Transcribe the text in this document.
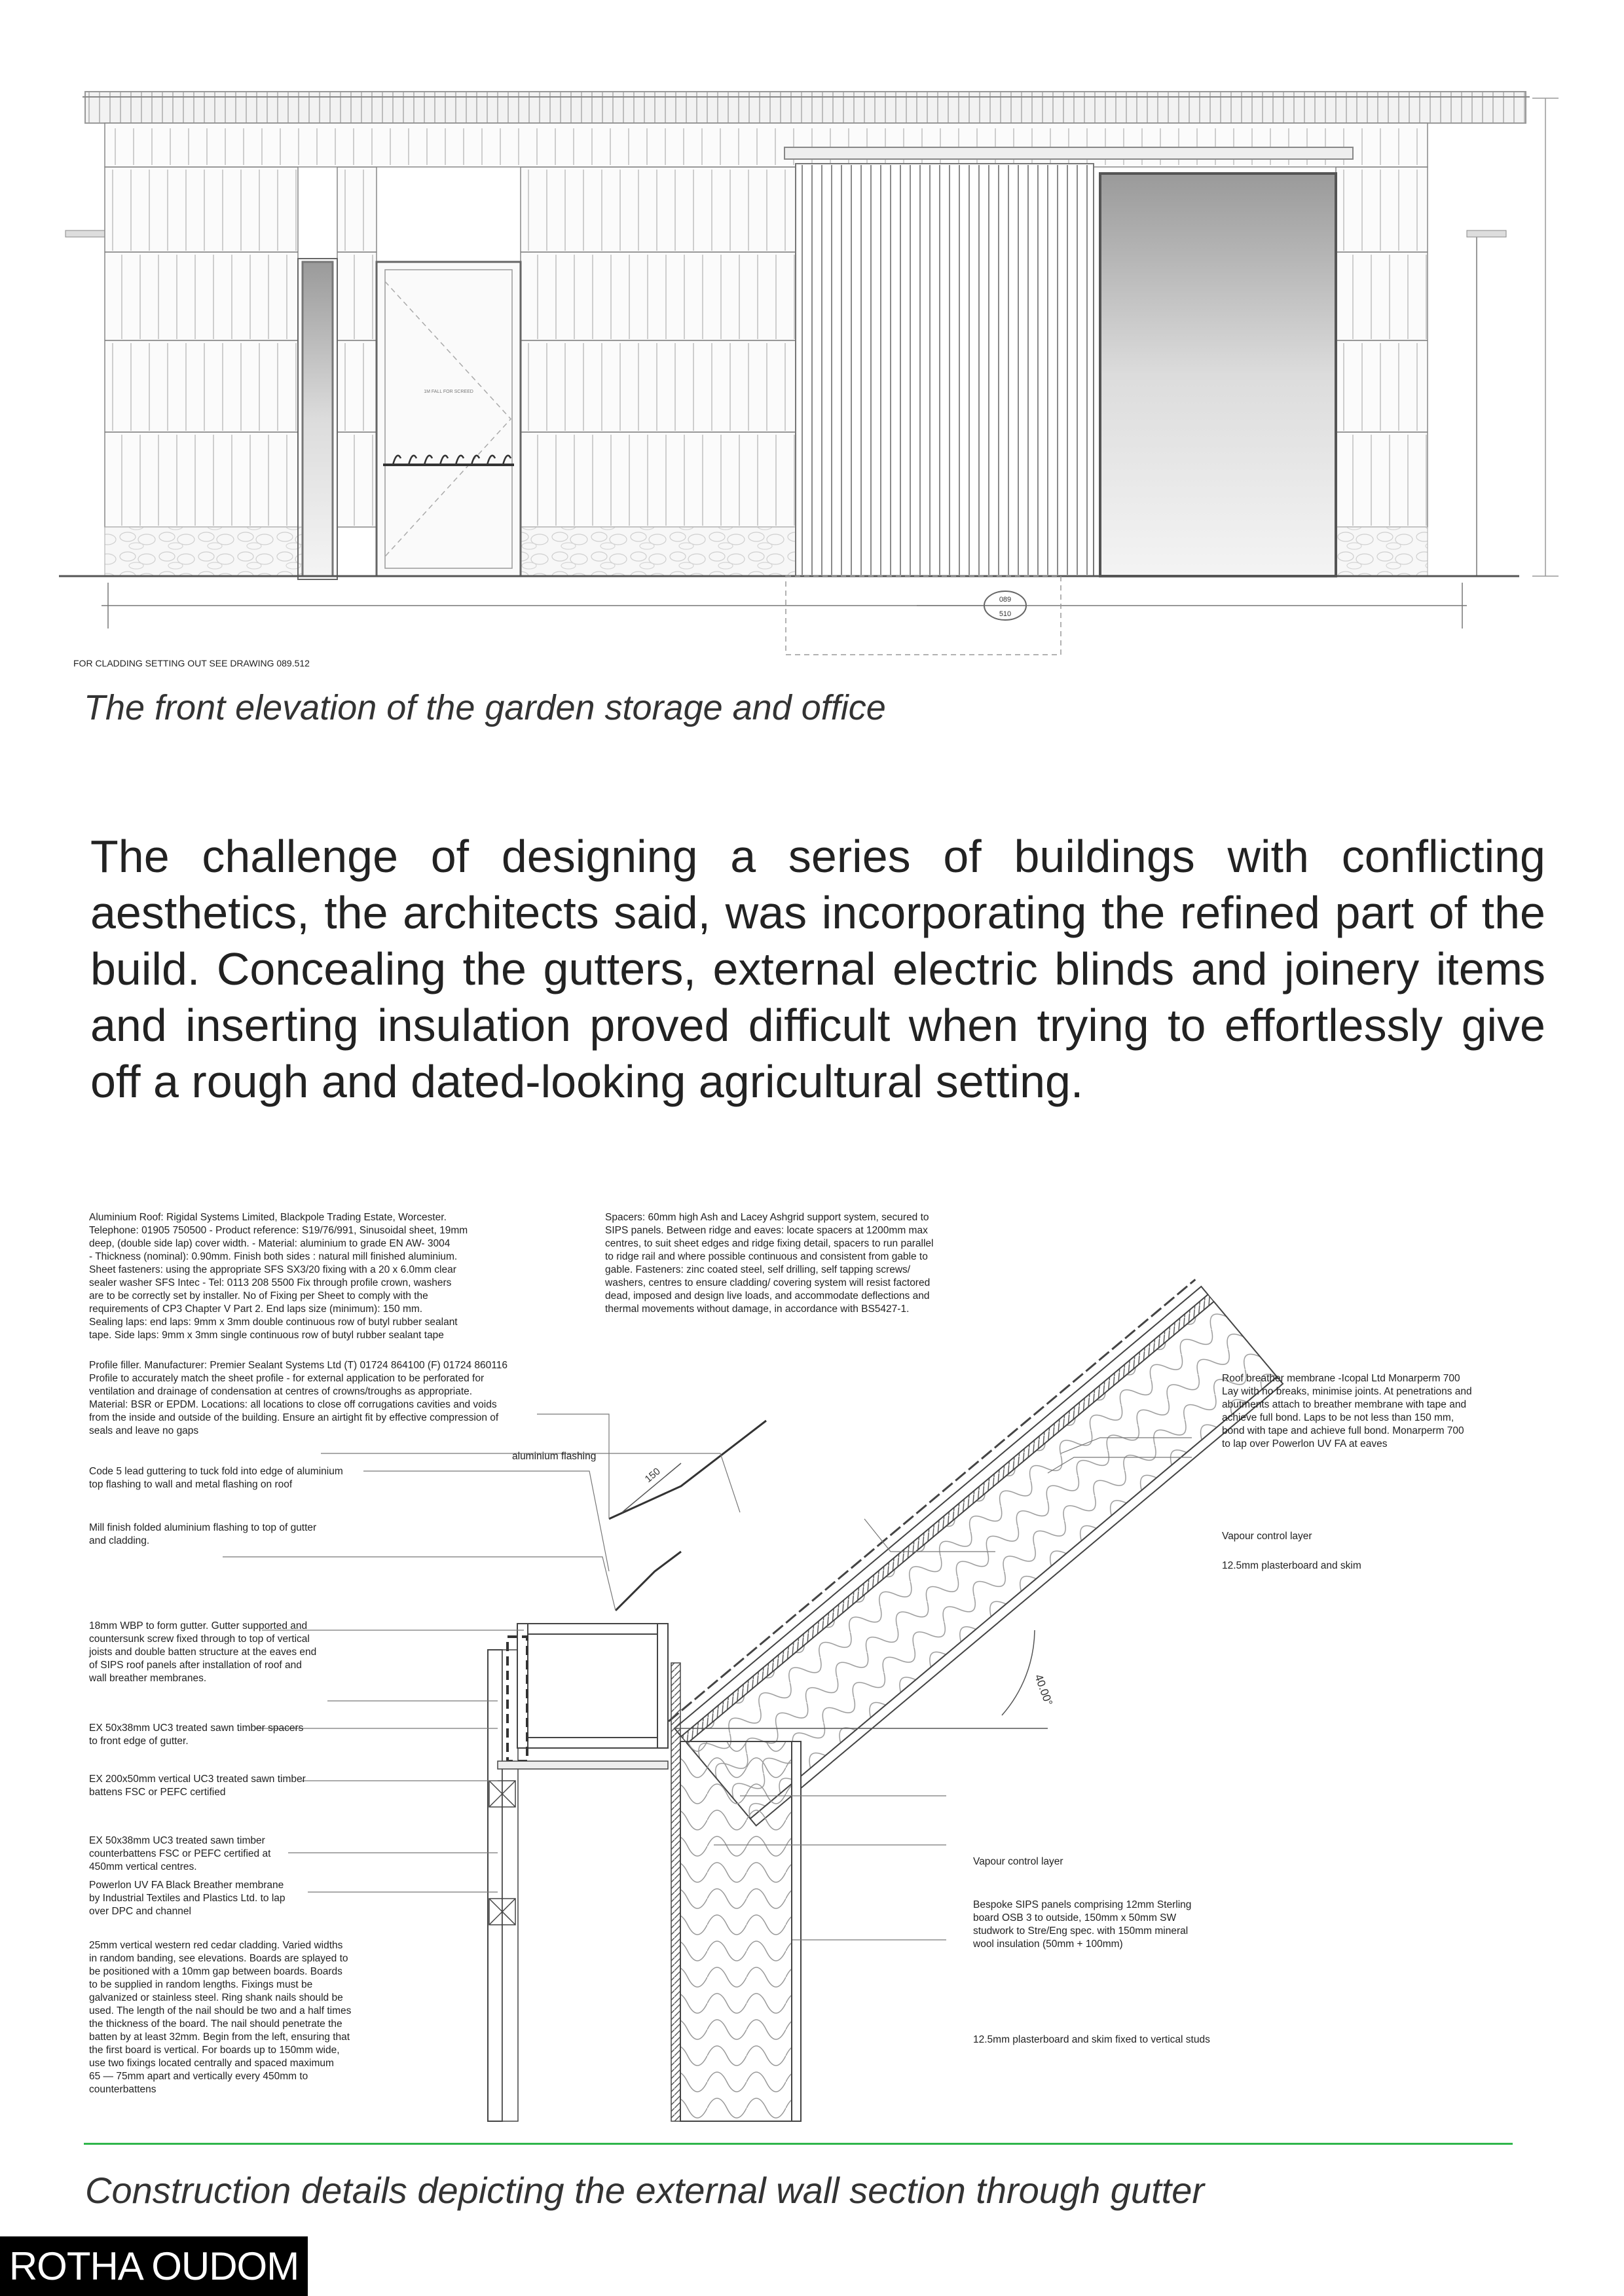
1M FALL FOR SCREED
089
510
FOR CLADDING SETTING OUT SEE DRAWING 089.512
The front elevation of the garden storage and office
The challenge of designing a series of buildings with conflicting aesthetics, the architects said, was incorporating the refined part of the build. Concealing the gutters, external electric blinds and joinery items and inserting insulation proved difficult when trying to effortlessly give off a rough and dated-looking agricultural setting.
150
40.00°
Aluminium Roof: Rigidal Systems Limited, Blackpole Trading Estate, Worcester.
Telephone: 01905 750500 - Product reference: S19/76/991, Sinusoidal sheet, 19mm
deep, (double side lap) cover width. - Material: aluminium to grade EN AW- 3004
- Thickness (nominal): 0.90mm. Finish both sides : natural mill finished aluminium.
Sheet fasteners: using the appropriate SFS SX3/20 fixing with a 20 x 6.0mm clear
sealer washer SFS Intec - Tel: 0113 208 5500 Fix through profile crown, washers
are to be correctly set by installer. No of Fixing per Sheet to comply with the
requirements of CP3 Chapter V Part 2. End laps size (minimum): 150 mm.
Sealing laps: end laps: 9mm x 3mm double continuous row of butyl rubber sealant
tape. Side laps: 9mm x 3mm single continuous row of butyl rubber sealant tape
Profile filler. Manufacturer: Premier Sealant Systems Ltd (T) 01724 864100 (F) 01724 860116
Profile to accurately match the sheet profile - for external application to be perforated for
ventilation and drainage of condensation at centres of crowns/troughs as appropriate.
Material: BSR or EPDM. Locations: all locations to close off corrugations cavities and voids
from the inside and outside of the building. Ensure an airtight fit by effective compression of
seals and leave no gaps
Code 5 lead guttering to tuck fold into edge of aluminium
top flashing to wall and metal flashing on roof
Mill finish folded aluminium flashing to top of gutter
and cladding.
18mm WBP to form gutter. Gutter supported and
countersunk screw fixed through to top of vertical
joists and double batten structure at the eaves end
of SIPS roof panels after installation of roof and
wall breather membranes.
EX 50x38mm UC3 treated sawn timber spacers
to front edge of gutter.
EX 200x50mm vertical UC3 treated sawn timber
battens FSC or PEFC certified
EX 50x38mm UC3 treated sawn timber
counterbattens FSC or PEFC certified at
450mm vertical centres.
Powerlon UV FA Black Breather membrane
by Industrial Textiles and Plastics Ltd. to lap
over DPC and channel
25mm vertical western red cedar cladding. Varied widths
in random banding, see elevations. Boards are splayed to
be positioned with a 10mm gap between boards. Boards
to be supplied in random lengths. Fixings must be
galvanized or stainless steel. Ring shank nails should be
used. The length of the nail should be two and a half times
the thickness of the board. The nail should penetrate the
batten by at least 32mm. Begin from the left, ensuring that
the first board is vertical. For boards up to 150mm wide,
use two fixings located centrally and spaced maximum
65 — 75mm apart and vertically every 450mm to
counterbattens
Spacers: 60mm high Ash and Lacey Ashgrid support system, secured to
SIPS panels. Between ridge and eaves: locate spacers at 1200mm max
centres, to suit sheet edges and ridge fixing detail, spacers to run parallel
to ridge rail and where possible continuous and consistent from gable to
gable. Fasteners: zinc coated steel, self drilling, self tapping screws/
washers, centres to ensure cladding/ covering system will resist factored
dead, imposed and design live loads, and accommodate deflections and
thermal movements without damage, in accordance with BS5427-1.
aluminium flashing
Roof breather membrane -Icopal Ltd Monarperm 700
Lay with no breaks, minimise joints. At penetrations and
abutments attach to breather membrane with tape and
achieve full bond. Laps to be not less than 150 mm,
bond with tape and achieve full bond. Monarperm 700
to lap over Powerlon UV FA at eaves
Vapour control layer
12.5mm plasterboard and skim
Vapour control layer
Bespoke SIPS panels comprising 12mm Sterling
board OSB 3 to outside, 150mm x 50mm SW
studwork to Stre/Eng spec. with 150mm mineral
wool insulation (50mm + 100mm)
12.5mm plasterboard and skim fixed to vertical studs
Construction details depicting the external wall section through gutter
ROTHA OUDOM
